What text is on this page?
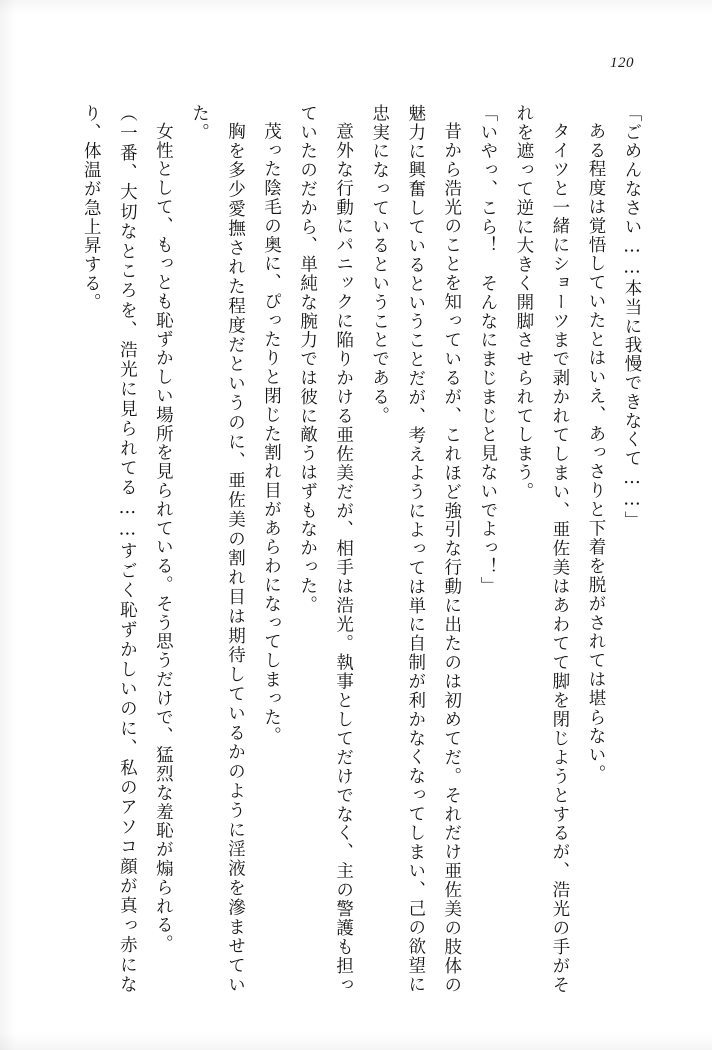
120

「ごめんなさい……本当に我慢できなくて……」

ある程度は覚悟していたとはいえ、あっさりと下着を脱がされては堪らない。

タイツと一緒にショーツまで剥かれてしまい、亜佐美はあわてて脚を閉じようとするが、浩光の手がそれを遮って逆に大きく開脚させられてしまう。

「いやっ、こら！　そんなにまじまじと見ないでよっ！」

昔から浩光のことを知っているが、これほど強引な行動に出たのは初めてだ。それだけ亜佐美の肢体の魅力に興奮しているということだが、考えようによっては単に自制が利かなくなってしまい、己の欲望に忠実になっているということである。

意外な行動にパニックに陥りかける亜佐美だが、相手は浩光。執事としてだけでなく、主の警護も担っていたのだから、単純な腕力では彼に敵うはずもなかった。

茂った陰毛の奥に、ぴったりと閉じた割れ目があらわになってしまった。

胸を多少愛撫された程度だというのに、亜佐美の割れ目は期待しているかのように淫液を滲ませていた。

女性として、もっとも恥ずかしい場所を見られている。そう思うだけで、猛烈な羞恥が煽られる。

（一番、大切なところを、浩光に見られてる……すごく恥ずかしいのに、私のアソコ顔が真っ赤になり、体温が急上昇する。
